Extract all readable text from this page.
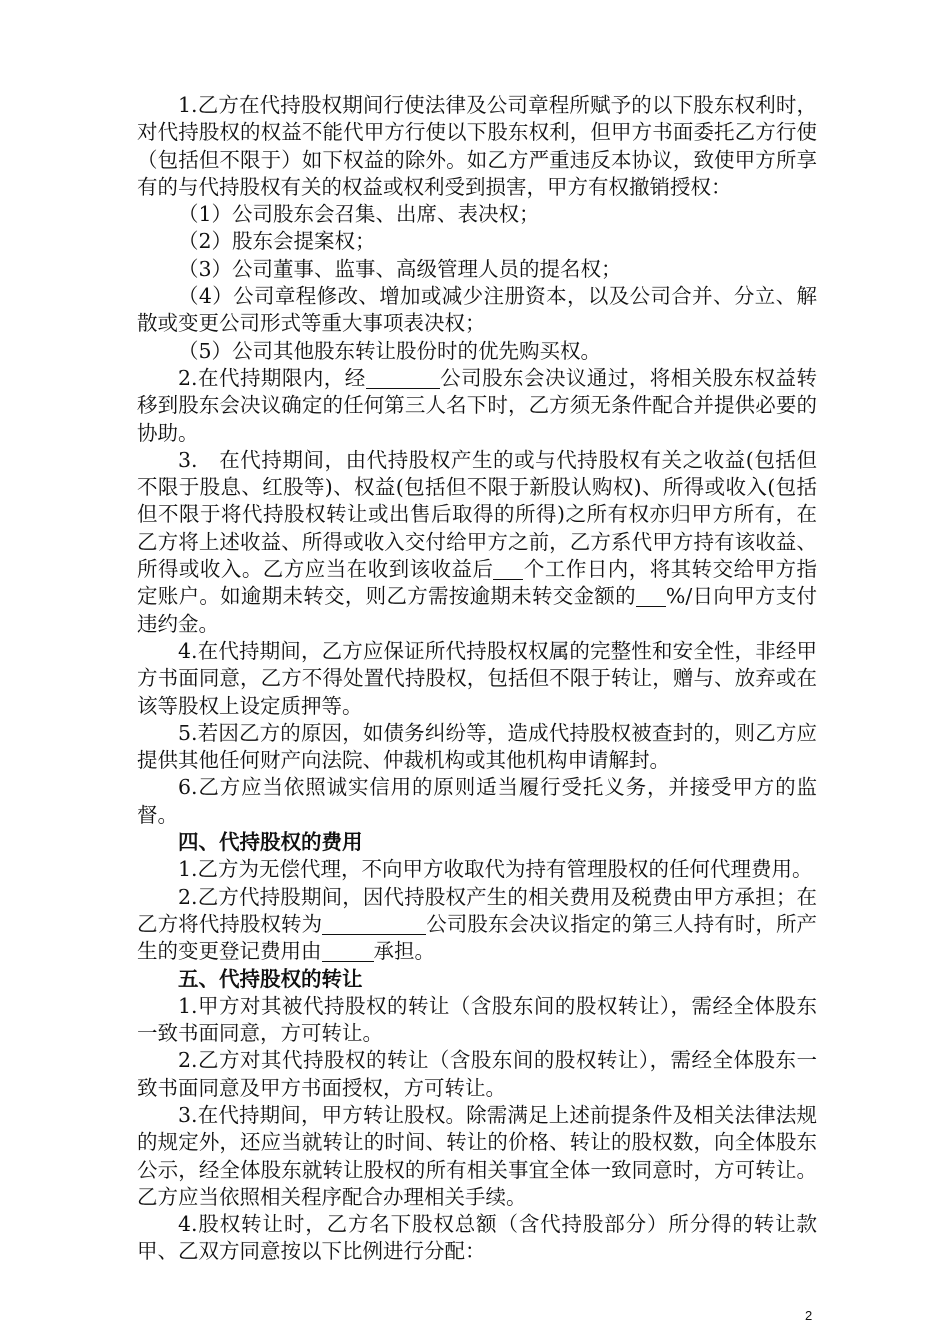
1.乙方在代持股权期间行使法律及公司章程所赋予的以下股东权利时，对代持股权的权益不能代甲方行使以下股东权利，但甲方书面委托乙方行使（包括但不限于）如下权益的除外。如乙方严重违反本协议，致使甲方所享有的与代持股权有关的权益或权利受到损害，甲方有权撤销授权：

（1）公司股东会召集、出席、表决权；

（2）股东会提案权；

（3）公司董事、监事、高级管理人员的提名权；

（4）公司章程修改、增加或减少注册资本，以及公司合并、分立、解散或变更公司形式等重大事项表决权；

（5）公司其他股东转让股份时的优先购买权。

2.在代持期限内，经	公司股东会决议通过，将相关股东权益转移到股东会决议确定的任何第三人名下时，乙方须无条件配合并提供必要的协助。

3.　在代持期间，由代持股权产生的或与代持股权有关之收益(包括但不限于股息、红股等)、权益(包括但不限于新股认购权)、所得或收入(包括但不限于将代持股权转让或出售后取得的所得)之所有权亦归甲方所有，在乙方将上述收益、所得或收入交付给甲方之前，乙方系代甲方持有该收益、所得或收入。乙方应当在收到该收益后 个工作日内，将其转交给甲方指定账户。如逾期未转交，则乙方需按逾期未转交金额的 %/日向甲方支付违约金。

4.在代持期间，乙方应保证所代持股权权属的完整性和安全性，非经甲方书面同意，乙方不得处置代持股权，包括但不限于转让，赠与、放弃或在该等股权上设定质押等。

5.若因乙方的原因，如债务纠纷等，造成代持股权被查封的，则乙方应提供其他任何财产向法院、仲裁机构或其他机构申请解封。

6.乙方应当依照诚实信用的原则适当履行受托义务，并接受甲方的监督。

四、代持股权的费用

1.乙方为无偿代理，不向甲方收取代为持有管理股权的任何代理费用。

2.乙方代持股期间，因代持股权产生的相关费用及税费由甲方承担；在乙方将代持股权转为	公司股东会决议指定的第三人持有时，所产生的变更登记费用由	承担。

五、代持股权的转让

1.甲方对其被代持股权的转让（含股东间的股权转让），需经全体股东一致书面同意，方可转让。

2.乙方对其代持股权的转让（含股东间的股权转让），需经全体股东一致书面同意及甲方书面授权，方可转让。

3.在代持期间，甲方转让股权。除需满足上述前提条件及相关法律法规的规定外，还应当就转让的时间、转让的价格、转让的股权数，向全体股东公示，经全体股东就转让股权的所有相关事宜全体一致同意时，方可转让。乙方应当依照相关程序配合办理相关手续。

4.股权转让时，乙方名下股权总额（含代持股部分）所分得的转让款甲、乙双方同意按以下比例进行分配：

2
